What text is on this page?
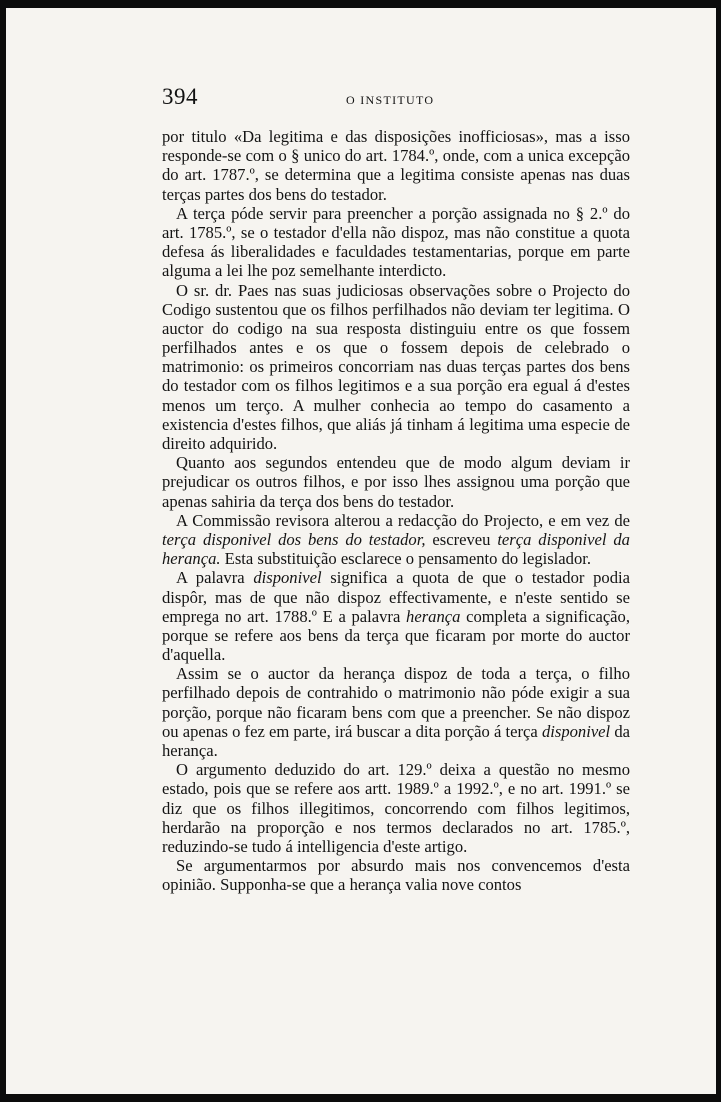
394	O INSTITUTO

por titulo «Da legitima e das disposições inofficiosas», mas a isso responde-se com o § unico do art. 1784.º, onde, com a unica excepção do art. 1787.º, se determina que a legitima consiste apenas nas duas terças partes dos bens do testador.

A terça póde servir para preencher a porção assignada no § 2.º do art. 1785.º, se o testador d'ella não dispoz, mas não constitue a quota defesa ás liberalidades e faculdades testamentarias, porque em parte alguma a lei lhe poz semelhante interdicto.

O sr. dr. Paes nas suas judiciosas observações sobre o Projecto do Codigo sustentou que os filhos perfilhados não deviam ter legitima. O auctor do codigo na sua resposta distinguiu entre os que fossem perfilhados antes e os que o fossem depois de celebrado o matrimonio: os primeiros concorriam nas duas terças partes dos bens do testador com os filhos legitimos e a sua porção era egual á d'estes menos um terço. A mulher conhecia ao tempo do casamento a existencia d'estes filhos, que aliás já tinham á legitima uma especie de direito adquirido.

Quanto aos segundos entendeu que de modo algum deviam ir prejudicar os outros filhos, e por isso lhes assignou uma porção que apenas sahiria da terça dos bens do testador.

A Commissão revisora alterou a redacção do Projecto, e em vez de terça disponivel dos bens do testador, escreveu terça disponivel da herança. Esta substituição esclarece o pensamento do legislador.

A palavra disponivel significa a quota de que o testador podia dispôr, mas de que não dispoz effectivamente, e n'este sentido se emprega no art. 1788.º E a palavra herança completa a significação, porque se refere aos bens da terça que ficaram por morte do auctor d'aquella.

Assim se o auctor da herança dispoz de toda a terça, o filho perfilhado depois de contrahido o matrimonio não póde exigir a sua porção, porque não ficaram bens com que a preencher. Se não dispoz ou apenas o fez em parte, irá buscar a dita porção á terça disponivel da herança.

O argumento deduzido do art. 129.º deixa a questão no mesmo estado, pois que se refere aos artt. 1989.º a 1992.º, e no art. 1991.º se diz que os filhos illegitimos, concorrendo com filhos legitimos, herdarão na proporção e nos termos declarados no art. 1785.º, reduzindo-se tudo á intelligencia d'este artigo.

Se argumentarmos por absurdo mais nos convencemos d'esta opinião. Supponha-se que a herança valia nove contos
